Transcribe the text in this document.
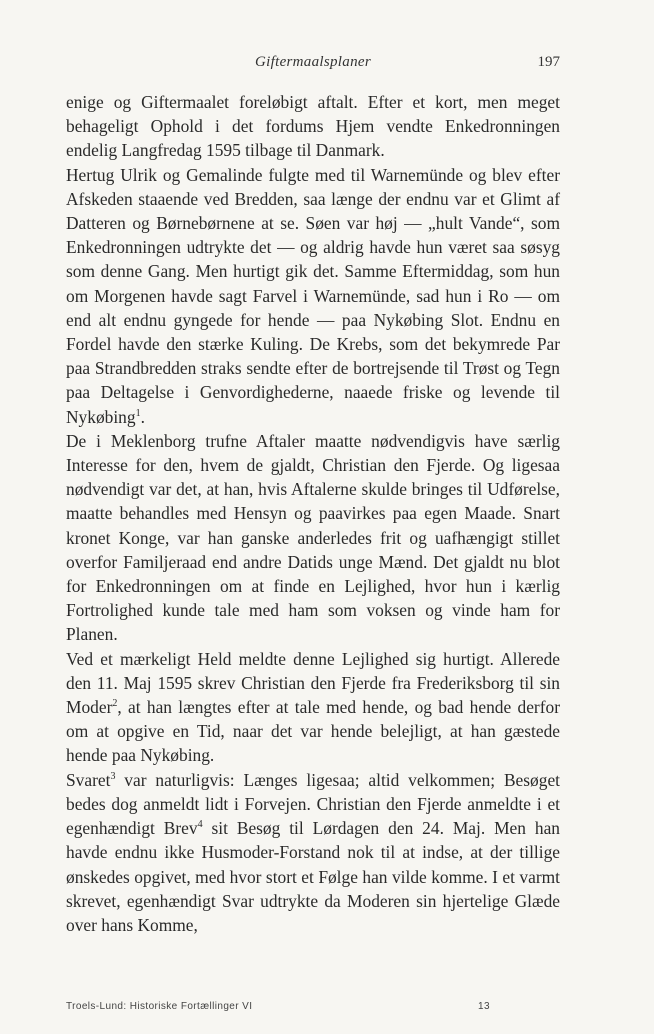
Giftermaalsplaner	197

enige og Giftermaalet foreløbigt aftalt. Efter et kort, men meget behageligt Ophold i det fordums Hjem vendte Enkedronningen endelig Langfredag 1595 tilbage til Danmark.

Hertug Ulrik og Gemalinde fulgte med til Warnemünde og blev efter Afskeden staaende ved Bredden, saa længe der endnu var et Glimt af Datteren og Børnebørnene at se. Søen var høj — „hult Vande“, som Enkedronningen udtrykte det — og aldrig havde hun været saa søsyg som denne Gang. Men hurtigt gik det. Samme Eftermiddag, som hun om Morgenen havde sagt Farvel i Warnemünde, sad hun i Ro — om end alt endnu gyngede for hende — paa Nykøbing Slot. Endnu en Fordel havde den stærke Kuling. De Krebs, som det bekymrede Par paa Strandbredden straks sendte efter de bortrejsende til Trøst og Tegn paa Deltagelse i Genvordighederne, naaede friske og levende til Nykøbing$^1$.

De i Meklenborg trufne Aftaler maatte nødvendigvis have særlig Interesse for den, hvem de gjaldt, Christian den Fjerde. Og ligesaa nødvendigt var det, at han, hvis Aftalerne skulde bringes til Udførelse, maatte behandles med Hensyn og paavirkes paa egen Maade. Snart kronet Konge, var han ganske anderledes frit og uafhængigt stillet overfor Familjeraad end andre Datids unge Mænd. Det gjaldt nu blot for Enkedronningen om at finde en Lejlighed, hvor hun i kærlig Fortrolighed kunde tale med ham som voksen og vinde ham for Planen.

Ved et mærkeligt Held meldte denne Lejlighed sig hurtigt. Allerede den 11. Maj 1595 skrev Christian den Fjerde fra Frederiksborg til sin Moder$^2$, at han længtes efter at tale med hende, og bad hende derfor om at opgive en Tid, naar det var hende belejligt, at han gæstede hende paa Nykøbing.

Svaret$^3$ var naturligvis: Længes ligesaa; altid velkommen; Besøget bedes dog anmeldt lidt i Forvejen. Christian den Fjerde anmeldte i et egenhændigt Brev$^4$ sit Besøg til Lørdagen den 24. Maj. Men han havde endnu ikke Husmoder-Forstand nok til at indse, at der tillige ønskedes opgivet, med hvor stort et Følge han vilde komme. I et varmt skrevet, egenhændigt Svar udtrykte da Moderen sin hjertelige Glæde over hans Komme,

Troels-Lund: Historiske Fortællinger VI	13
